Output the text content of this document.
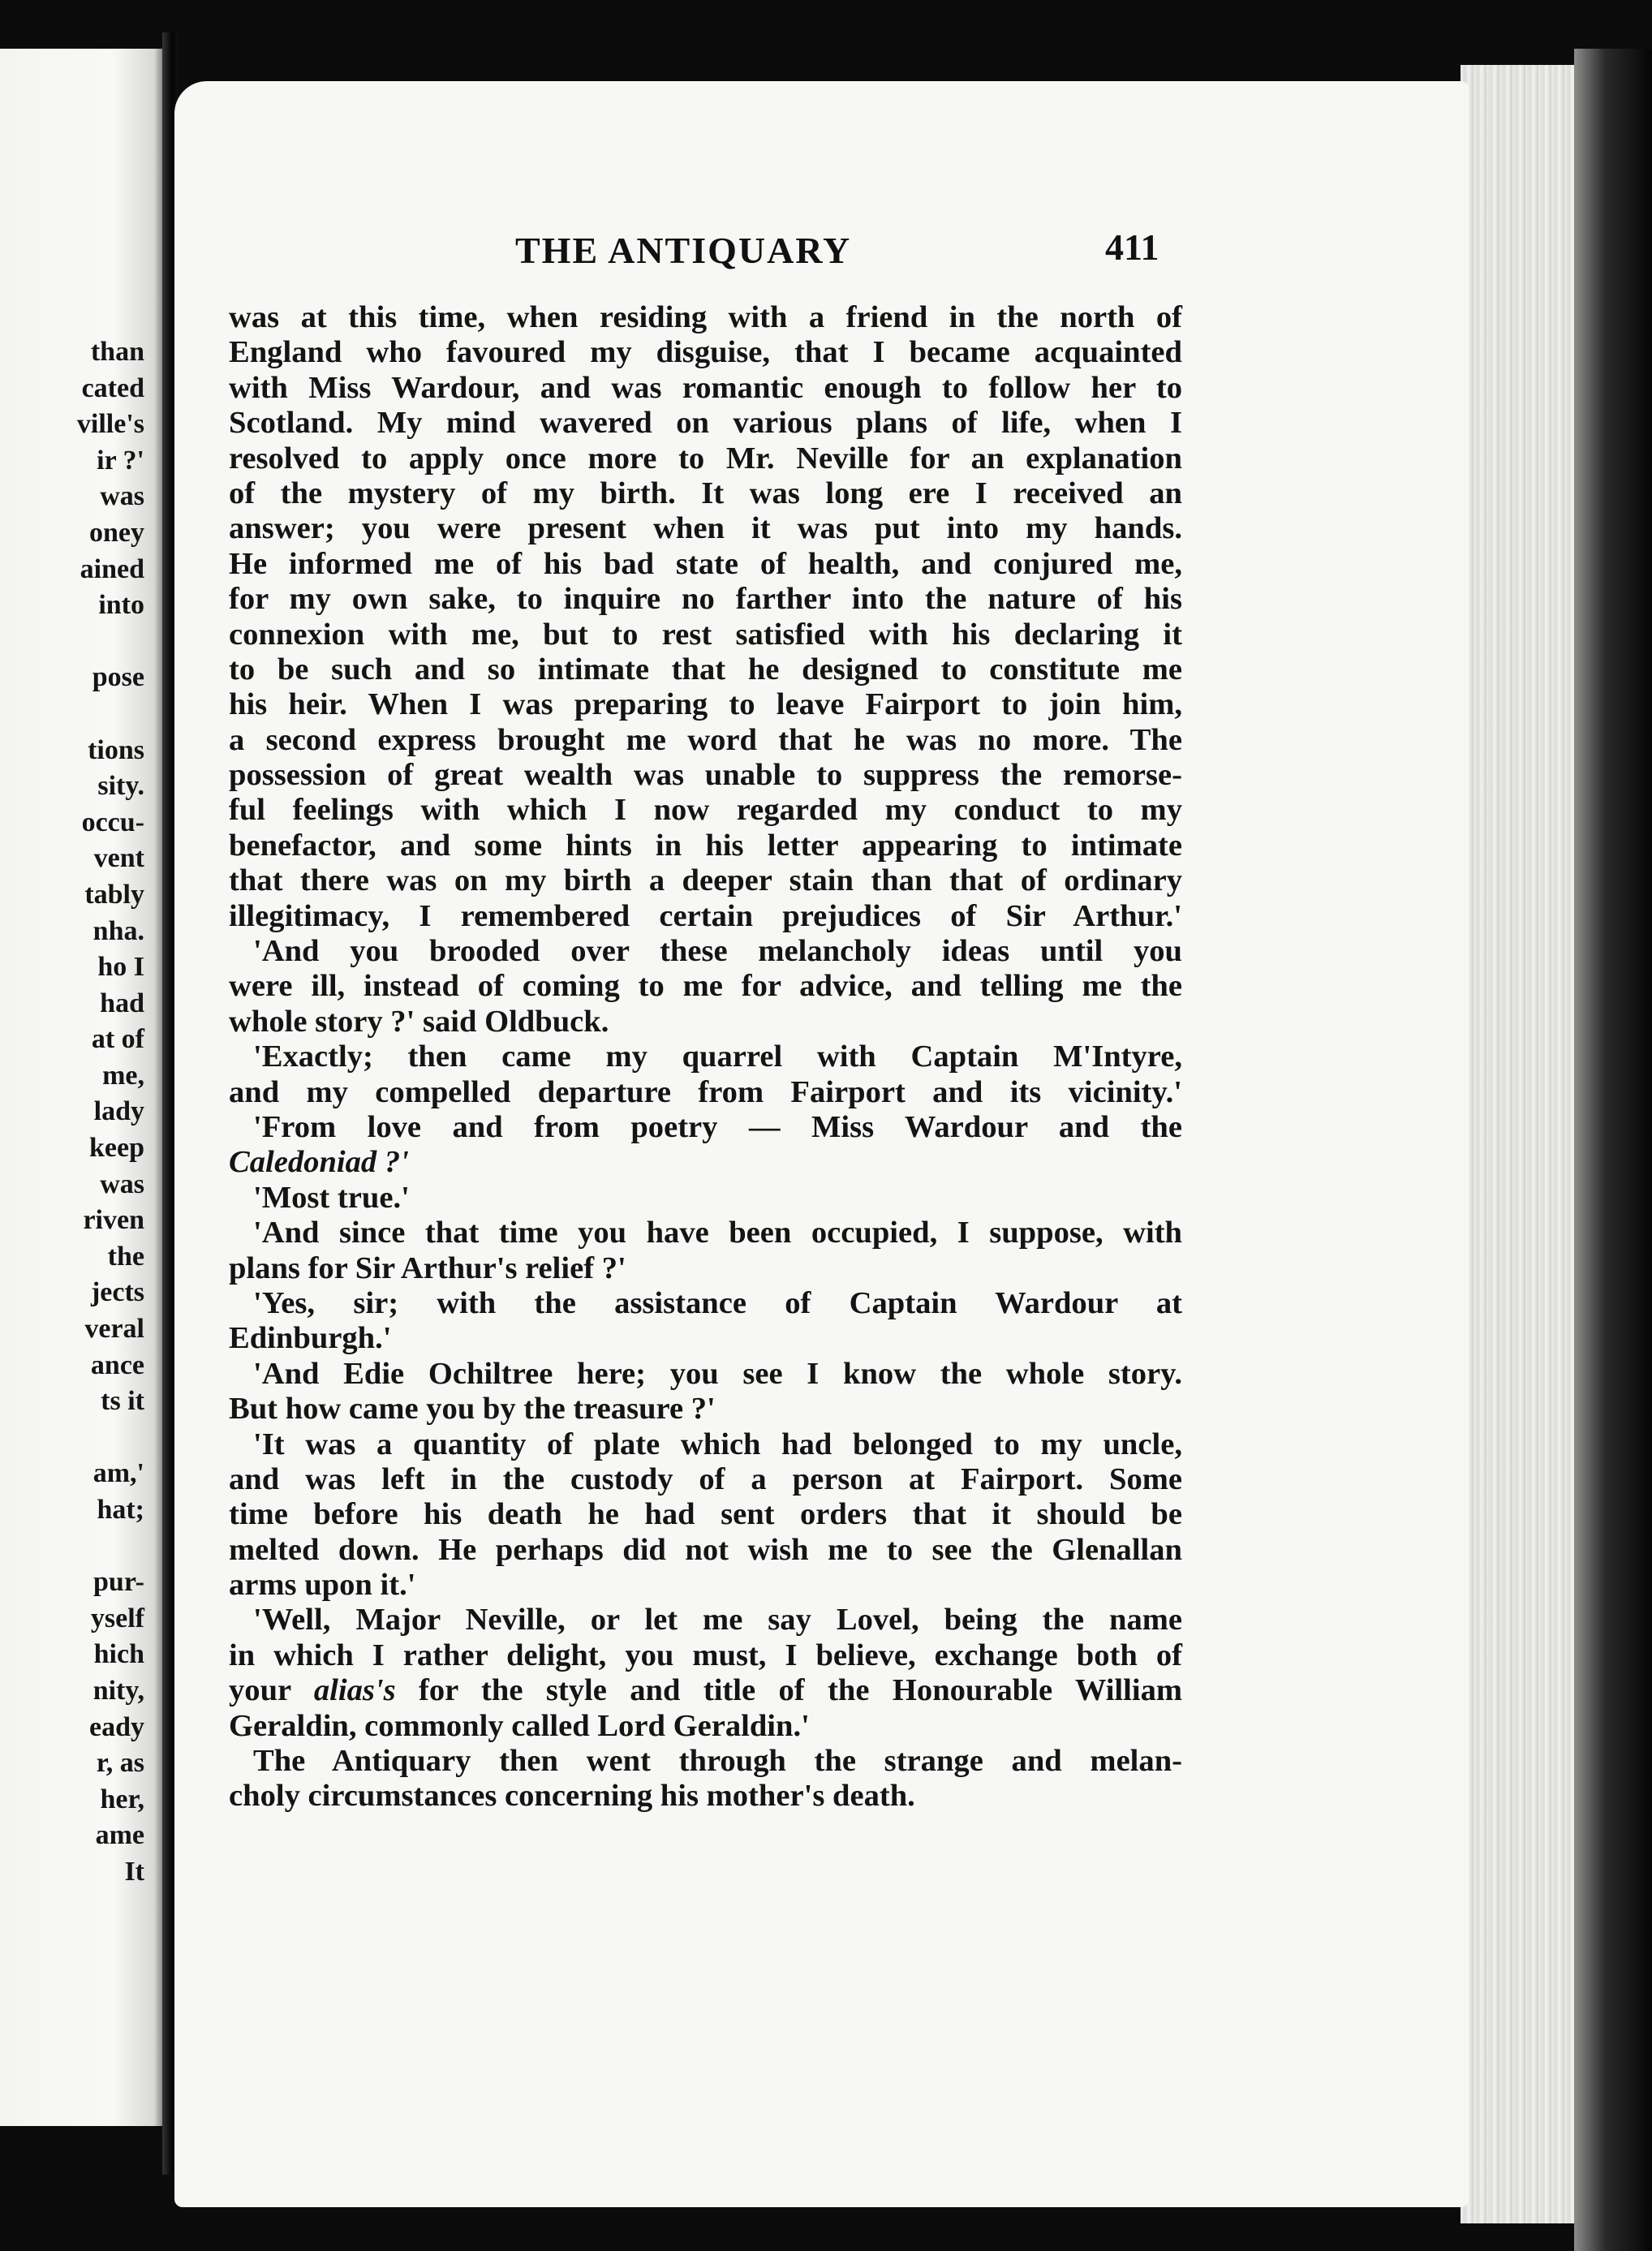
than
cated
ville's
ir ?'
was
oney
ained
into
pose
tions
sity.
occu-
vent
tably
nha.
ho I
had
at of
me,
lady
keep
was
riven
the
jects
veral
ance
ts it
am,'
hat;
pur-
yself
hich
nity,
eady
r, as
her,
ame
It
THE ANTIQUARY	411
was at this time, when residing with a friend in the north of
England who favoured my disguise, that I became acquainted
with Miss Wardour, and was romantic enough to follow her to
Scotland. My mind wavered on various plans of life, when I
resolved to apply once more to Mr. Neville for an explanation
of the mystery of my birth. It was long ere I received an
answer; you were present when it was put into my hands.
He informed me of his bad state of health, and conjured me,
for my own sake, to inquire no farther into the nature of his
connexion with me, but to rest satisfied with his declaring it
to be such and so intimate that he designed to constitute me
his heir. When I was preparing to leave Fairport to join him,
a second express brought me word that he was no more. The
possession of great wealth was unable to suppress the remorse-
ful feelings with which I now regarded my conduct to my
benefactor, and some hints in his letter appearing to intimate
that there was on my birth a deeper stain than that of ordinary
illegitimacy, I remembered certain prejudices of Sir Arthur.'
'And you brooded over these melancholy ideas until you
were ill, instead of coming to me for advice, and telling me the
whole story ?' said Oldbuck.
'Exactly; then came my quarrel with Captain M'Intyre,
and my compelled departure from Fairport and its vicinity.'
'From love and from poetry — Miss Wardour and the
Caledoniad ?'
'Most true.'
'And since that time you have been occupied, I suppose, with
plans for Sir Arthur's relief ?'
'Yes, sir; with the assistance of Captain Wardour at
Edinburgh.'
'And Edie Ochiltree here; you see I know the whole story.
But how came you by the treasure ?'
'It was a quantity of plate which had belonged to my uncle,
and was left in the custody of a person at Fairport. Some
time before his death he had sent orders that it should be
melted down. He perhaps did not wish me to see the Glenallan
arms upon it.'
'Well, Major Neville, or let me say Lovel, being the name
in which I rather delight, you must, I believe, exchange both of
your alias's for the style and title of the Honourable William
Geraldin, commonly called Lord Geraldin.'
The Antiquary then went through the strange and melan-
choly circumstances concerning his mother's death.
